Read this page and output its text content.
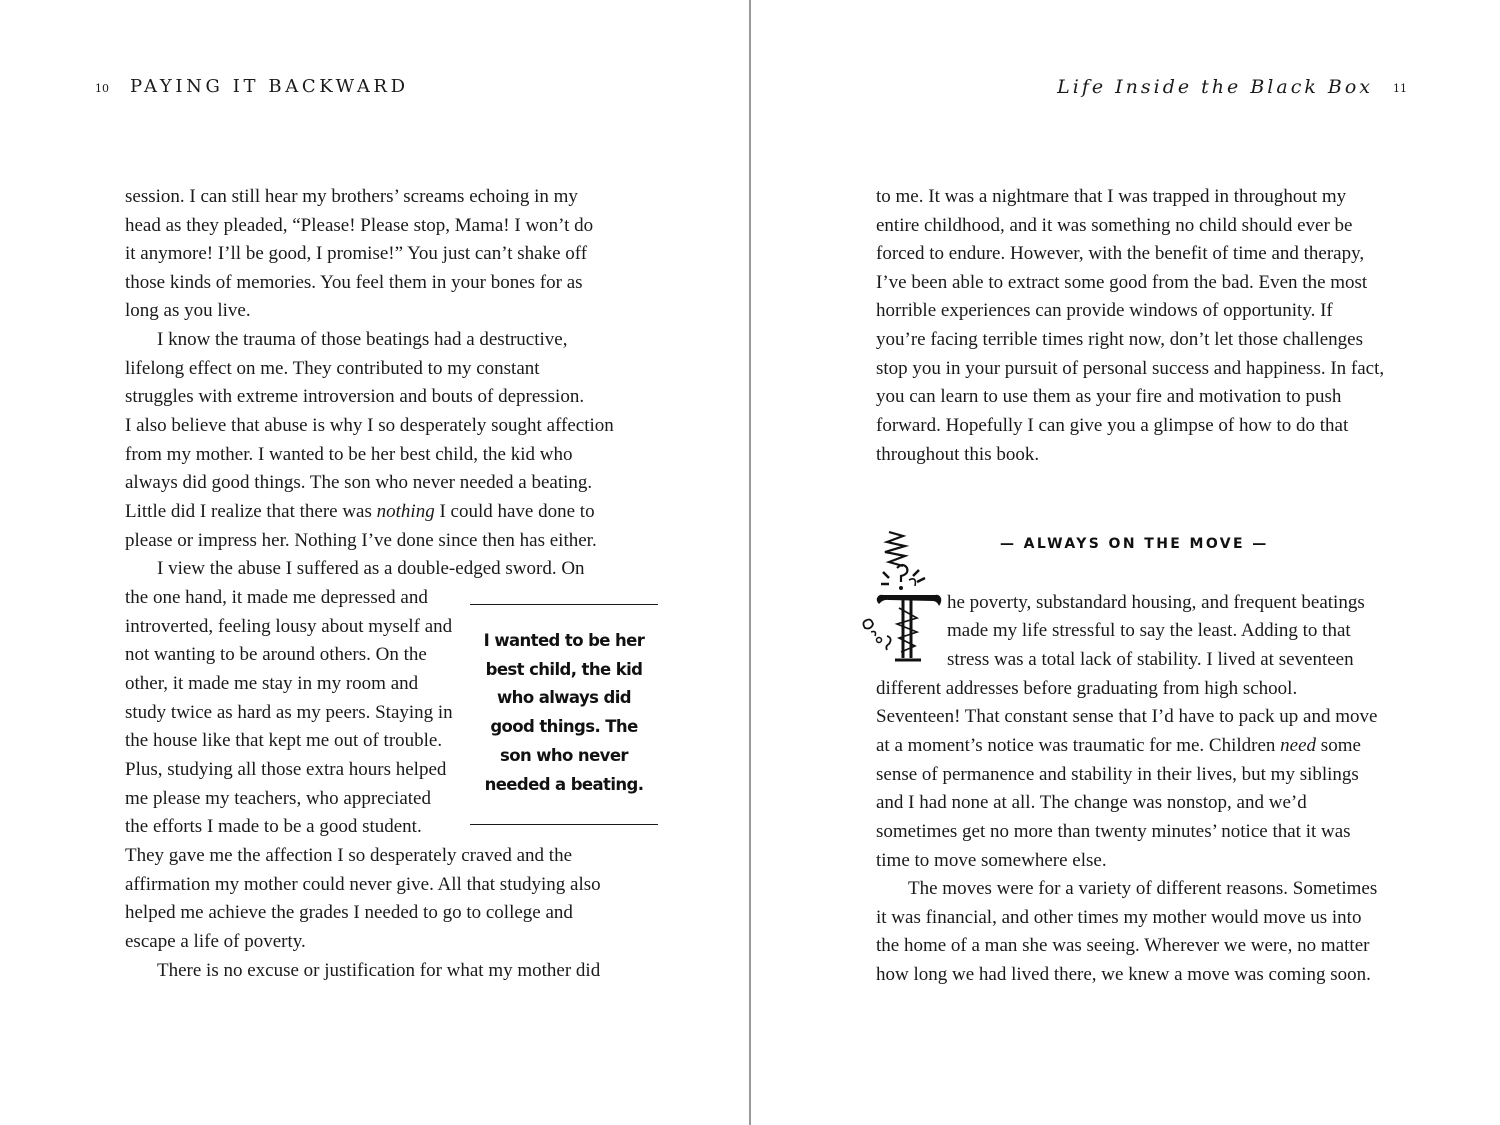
10 PAYING IT BACKWARD
session. I can still hear my brothers’ screams echoing in my
head as they pleaded, “Please! Please stop, Mama! I won’t do
it anymore! I’ll be good, I promise!” You just can’t shake off
those kinds of memories. You feel them in your bones for as
long as you live.
I know the trauma of those beatings had a destructive,
lifelong effect on me. They contributed to my constant
struggles with extreme introversion and bouts of depression.
I also believe that abuse is why I so desperately sought affection
from my mother. I wanted to be her best child, the kid who
always did good things. The son who never needed a beating.
Little did I realize that there was nothing I could have done to
please or impress her. Nothing I’ve done since then has either.
I view the abuse I suffered as a double-edged sword. On
the one hand, it made me depressed and
introverted, feeling lousy about myself and
not wanting to be around others. On the
other, it made me stay in my room and
study twice as hard as my peers. Staying in
the house like that kept me out of trouble.
Plus, studying all those extra hours helped
me please my teachers, who appreciated
the efforts I made to be a good student.
They gave me the affection I so desperately craved and the
affirmation my mother could never give. All that studying also
helped me achieve the grades I needed to go to college and
escape a life of poverty.
There is no excuse or justification for what my mother did
I wanted to be her
best child, the kid
who always did
good things. The
son who never
needed a beating.
Life Inside the Black Box 11
to me. It was a nightmare that I was trapped in throughout my
entire childhood, and it was something no child should ever be
forced to endure. However, with the benefit of time and therapy,
I’ve been able to extract some good from the bad. Even the most
horrible experiences can provide windows of opportunity. If
you’re facing terrible times right now, don’t let those challenges
stop you in your pursuit of personal success and happiness. In fact,
you can learn to use them as your fire and motivation to push
forward. Hopefully I can give you a glimpse of how to do that
throughout this book.
— ALWAYS ON THE MOVE —
he poverty, substandard housing, and frequent beatings
made my life stressful to say the least. Adding to that
stress was a total lack of stability. I lived at seventeen
different addresses before graduating from high school.
Seventeen! That constant sense that I’d have to pack up and move
at a moment’s notice was traumatic for me. Children need some
sense of permanence and stability in their lives, but my siblings
and I had none at all. The change was nonstop, and we’d
sometimes get no more than twenty minutes’ notice that it was
time to move somewhere else.
The moves were for a variety of different reasons. Sometimes
it was financial, and other times my mother would move us into
the home of a man she was seeing. Wherever we were, no matter
how long we had lived there, we knew a move was coming soon.
